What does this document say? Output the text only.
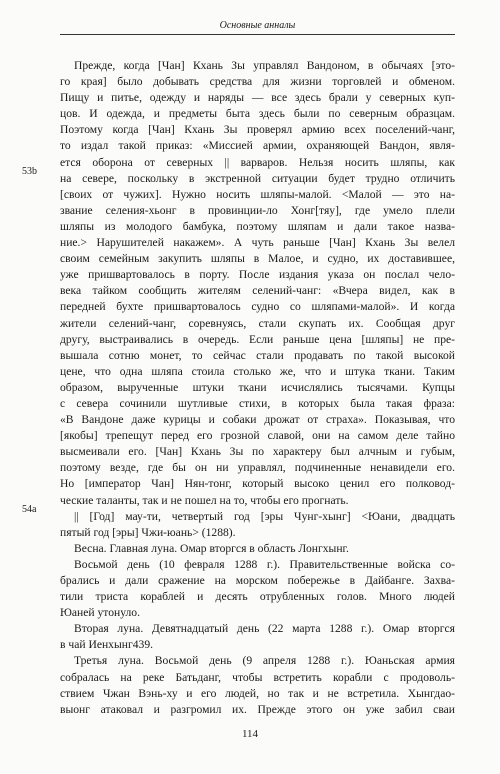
Основные анналы
53b
54a
Прежде, когда [Чан] Кхань Зы управлял Вандоном, в обычаях [это-
го края] было добывать средства для жизни торговлей и обменом.
Пищу и питье, одежду и наряды — все здесь брали у северных куп-
цов. И одежда, и предметы быта здесь были по северным образцам.
Поэтому когда [Чан] Кхань Зы проверял армию всех поселений-чанг,
то издал такой приказ: «Миссией армии, охраняющей Вандон, явля-
ется оборона от северных || варваров. Нельзя носить шляпы, как
на севере, поскольку в экстренной ситуации будет трудно отличить
[своих от чужих]. Нужно носить шляпы-малой. <Малой — это на-
звание селения-хьонг в провинции-ло Хонг[тяу], где умело плели
шляпы из молодого бамбука, поэтому шляпам и дали такое назва-
ние.> Нарушителей накажем». А чуть раньше [Чан] Кхань Зы велел
своим семейным закупить шляпы в Малое, и судно, их доставившее,
уже пришвартовалось в порту. После издания указа он послал чело-
века тайком сообщить жителям селений-чанг: «Вчера видел, как в
передней бухте пришвартовалось судно со шляпами-малой». И когда
жители селений-чанг, соревнуясь, стали скупать их. Сообщая друг
другу, выстраивались в очередь. Если раньше цена [шляпы] не пре-
вышала сотню монет, то сейчас стали продавать по такой высокой
цене, что одна шляпа стоила столько же, что и штука ткани. Таким
образом, вырученные штуки ткани исчислялись тысячами. Купцы
с севера сочинили шутливые стихи, в которых была такая фраза:
«В Вандоне даже курицы и собаки дрожат от страха». Показывая, что
[якобы] трепещут перед его грозной славой, они на самом деле тайно
высмеивали его. [Чан] Кхань Зы по характеру был алчным и губым,
поэтому везде, где бы он ни управлял, подчиненные ненавидели его.
Но [император Чан] Нян-тонг, который высоко ценил его полковод-
ческие таланты, так и не пошел на то, чтобы его прогнать.
|| [Год] мау-ти, четвертый год [эры Чунг-хынг] <Юани, двадцать
пятый год [эры] Чжи-юань> (1288).
Весна. Главная луна. Омар вторгся в область Лонгхынг.
Восьмой день (10 февраля 1288 г.). Правительственные войска со-
брались и дали сражение на морском побережье в Дайбанге. Захва-
тили триста кораблей и десять отрубленных голов. Много людей
Юаней утонуло.
Вторая луна. Девятнадцатый день (22 марта 1288 г.). Омар вторгся
в чай Иенхынг439.
Третья луна. Восьмой день (9 апреля 1288 г.). Юаньская армия
собралась на реке Батьданг, чтобы встретить корабли с продоволь-
ствием Чжан Вэнь-ху и его людей, но так и не встретила. Хынгдао-
выонг атаковал и разгромил их. Прежде этого он уже забил сваи
114
